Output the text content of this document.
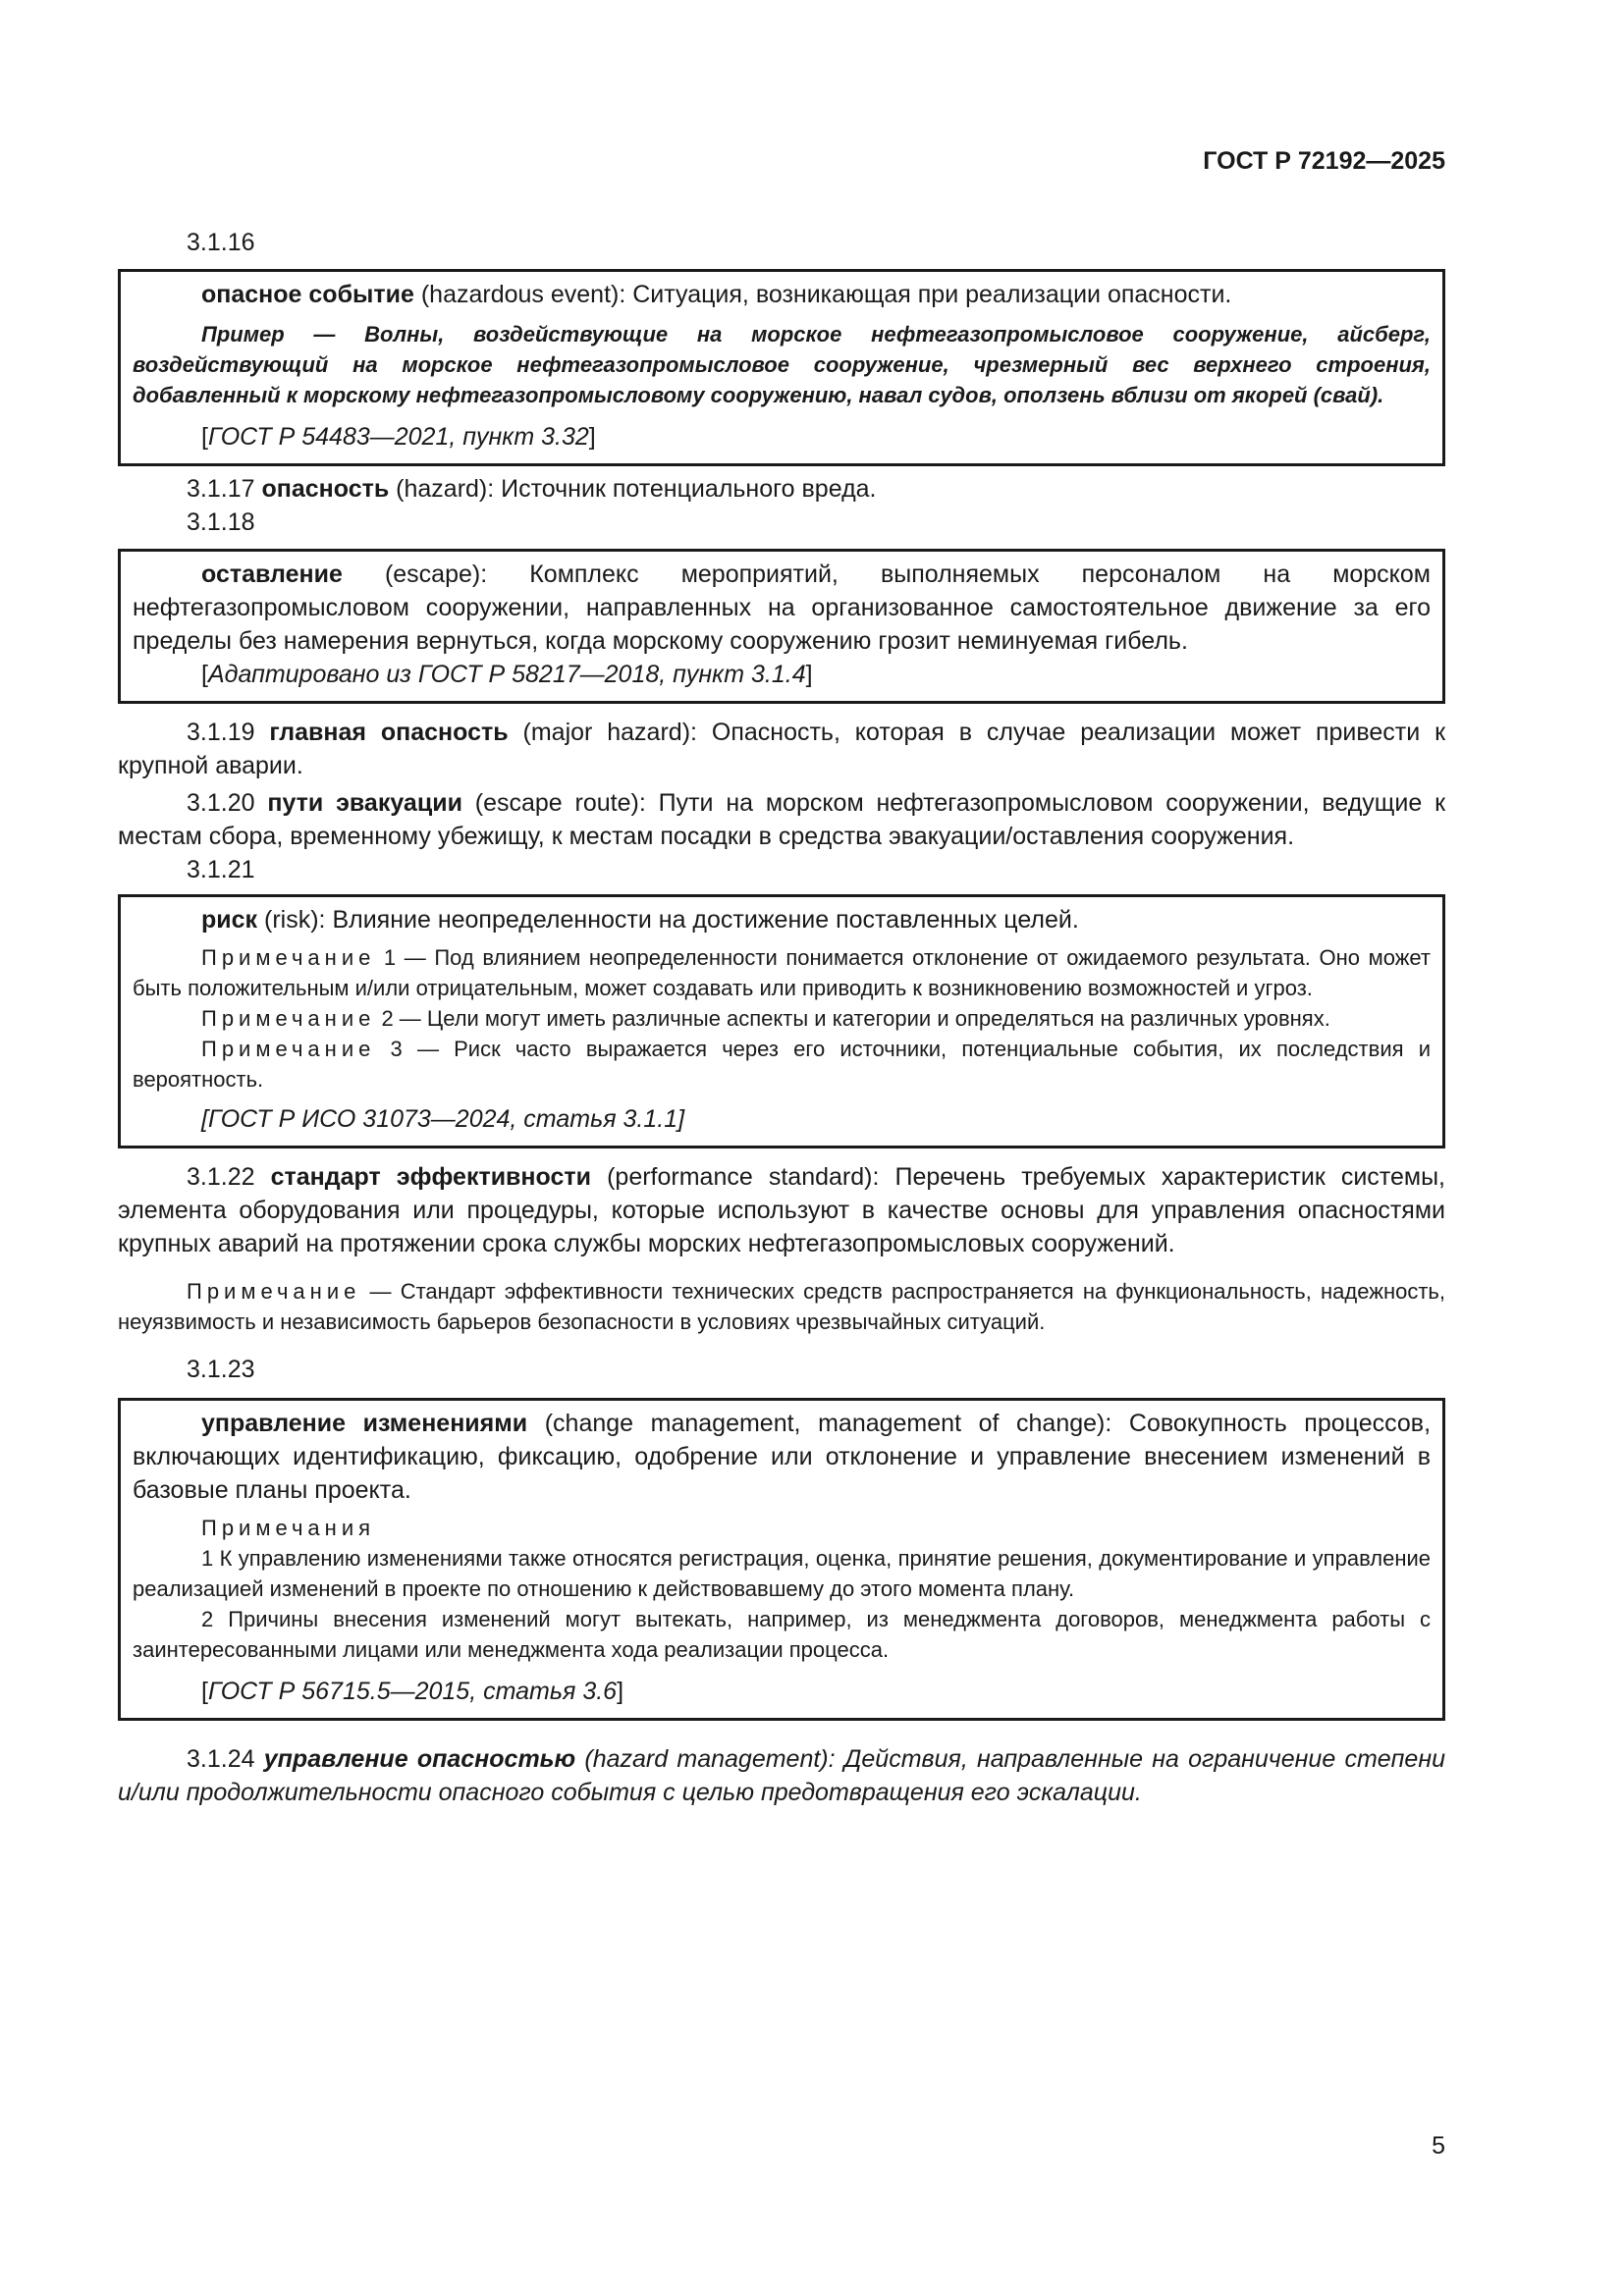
ГОСТ Р 72192—2025

3.1.16

опасное событие (hazardous event): Ситуация, возникающая при реализации опасности.

Пример — Волны, воздействующие на морское нефтегазопромысловое сооружение, айсберг, воздействующий на морское нефтегазопромысловое сооружение, чрезмерный вес верхнего строения, добавленный к морскому нефтегазопромысловому сооружению, навал судов, оползень вблизи от якорей (свай).

[ГОСТ Р 54483—2021, пункт 3.32]

3.1.17 опасность (hazard): Источник потенциального вреда.

3.1.18

оставление (escape): Комплекс мероприятий, выполняемых персоналом на морском нефтегазопромысловом сооружении, направленных на организованное самостоятельное движение за его пределы без намерения вернуться, когда морскому сооружению грозит неминуемая гибель.

[Адаптировано из ГОСТ Р 58217—2018, пункт 3.1.4]

3.1.19 главная опасность (major hazard): Опасность, которая в случае реализации может привести к крупной аварии.

3.1.20 пути эвакуации (escape route): Пути на морском нефтегазопромысловом сооружении, ведущие к местам сбора, временному убежищу, к местам посадки в средства эвакуации/оставления сооружения.

3.1.21

риск (risk): Влияние неопределенности на достижение поставленных целей.

Примечание 1 — Под влиянием неопределенности понимается отклонение от ожидаемого результата. Оно может быть положительным и/или отрицательным, может создавать или приводить к возникновению возможностей и угроз.

Примечание 2 — Цели могут иметь различные аспекты и категории и определяться на различных уровнях.

Примечание 3 — Риск часто выражается через его источники, потенциальные события, их последствия и вероятность.

[ГОСТ Р ИСО 31073—2024, статья 3.1.1]

3.1.22 стандарт эффективности (performance standard): Перечень требуемых характеристик системы, элемента оборудования или процедуры, которые используют в качестве основы для управления опасностями крупных аварий на протяжении срока службы морских нефтегазопромысловых сооружений.

Примечание — Стандарт эффективности технических средств распространяется на функциональность, надежность, неуязвимость и независимость барьеров безопасности в условиях чрезвычайных ситуаций.

3.1.23

управление изменениями (change management, management of change): Совокупность процессов, включающих идентификацию, фиксацию, одобрение или отклонение и управление внесением изменений в базовые планы проекта.

Примечания

1 К управлению изменениями также относятся регистрация, оценка, принятие решения, документирование и управление реализацией изменений в проекте по отношению к действовавшему до этого момента плану.

2 Причины внесения изменений могут вытекать, например, из менеджмента договоров, менеджмента работы с заинтересованными лицами или менеджмента хода реализации процесса.

[ГОСТ Р 56715.5—2015, статья 3.6]

3.1.24 управление опасностью (hazard management): Действия, направленные на ограничение степени и/или продолжительности опасного события с целью предотвращения его эскалации.

5
